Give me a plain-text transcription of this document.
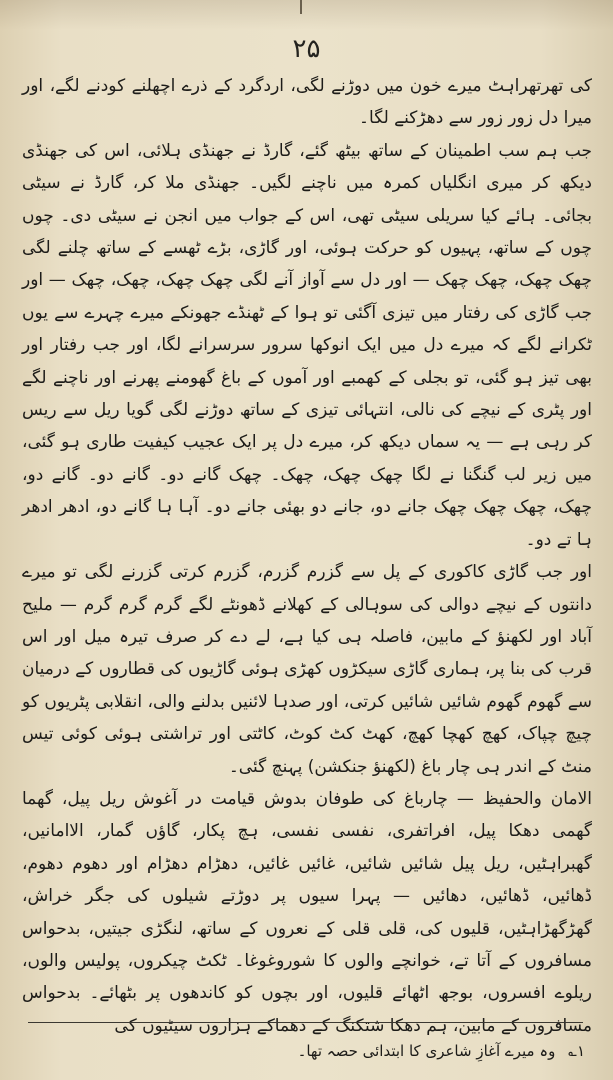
۲۵

کی تھرتھراہٹ میرے خون میں دوڑنے لگی، اردگرد کے ذرے اچھلنے کودنے لگے، اور میرا دل زور زور سے دھڑکنے لگا۔

جب ہم سب اطمینان کے ساتھ بیٹھ گئے، گارڈ نے جھنڈی ہلائی، اس کی جھنڈی دیکھ کر میری انگلیاں کمرہ میں ناچنے لگیں۔ جھنڈی ملا کر، گارڈ نے سیٹی بجائی۔ ہائے کیا سریلی سیٹی تھی، اس کے جواب میں انجن نے سیٹی دی۔ چوں چوں کے ساتھ، پہیوں کو حرکت ہوئی، اور گاڑی، بڑے ٹھسے کے ساتھ چلنے لگی چھک چھک، چھک چھک — اور دل سے آواز آنے لگی چھک چھک، چھک، چھک — اور جب گاڑی کی رفتار میں تیزی آگئی تو ہوا کے ٹھنڈے جھونکے میرے چہرے سے یوں ٹکرانے لگے کہ میرے دل میں ایک انوکھا سرور سرسرانے لگا، اور جب رفتار اور بھی تیز ہو گئی، تو بجلی کے کھمبے اور آموں کے باغ گھومنے پھرنے اور ناچنے لگے اور پٹری کے نیچے کی نالی، انتہائی تیزی کے ساتھ دوڑنے لگی گویا ریل سے ریس کر رہی ہے — یہ سماں دیکھ کر، میرے دل پر ایک عجیب کیفیت طاری ہو گئی، میں زیر لب گنگنا نے لگا چھک چھک، چھک۔ چھک گانے دو۔ گانے دو۔ گانے دو، چھک، چھک چھک چھک جانے دو، جانے دو بھئی جانے دو۔ آہا ہا گانے دو، ادھر ادھر ہا تے دو۔

اور جب گاڑی کاکوری کے پل سے گزرم گزرم، گزرم کرتی گزرنے لگی تو میرے دانتوں کے نیچے دوالی کی سوہالی کے کھلانے ڈھونٹے لگے گرم گرم گرم — ملیح آباد اور لکھنؤ کے مابین، فاصلہ ہی کیا ہے، لے دے کر صرف تیرہ میل اور اس قرب کی بنا پر، ہماری گاڑی سیکڑوں کھڑی ہوئی گاڑیوں کی قطاروں کے درمیان سے گھوم گھوم شائیں شائیں کرتی، اور صدہا لائنیں بدلنے والی، انقلابی پٹریوں کو چیچ چپاک، کھچ کھچا کھچ، کھٹ کٹ کوٹ، کاٹتی اور تراشتی ہوئی کوئی تیس منٹ کے اندر ہی چار باغ (لکھنؤ جنکشن) پہنچ گئی۔

الامان والحفیظ — چارباغ کی طوفان بدوش قیامت در آغوش ریل پیل، گھما گھمی دھکا پیل، افراتفری، نفسی نفسی، ہچ پکار، گاؤں گمار، الاامانیں، گھبراہٹیں، ریل پیل شائیں شائیں، غائیں غائیں، دھڑام دھڑام اور دھوم دھوم، ڈھائیں، ڈھائیں، دھائیں — پہرا سیوں پر دوڑتے شیلوں کی جگر خراش، گھڑگھڑاہٹیں، قلیوں کی، قلی قلی کے نعروں کے ساتھ، لنگڑی جیتیں، بدحواس مسافروں کے آتا تے، خوانچے والوں کا شوروغوغا۔ ٹکٹ چیکروں، پولیس والوں، ریلوے افسروں، بوجھ اٹھائے قلیوں، اور بچوں کو کاندھوں پر بٹھائے۔ بدحواس مسافروں کے مابین، ہم دھکا شتکنگ کے دھماکے ہزاروں سیٹیوں کی

۱؎ وہ میرے آغازِ شاعری کا ابتدائی حصہ تھا۔
